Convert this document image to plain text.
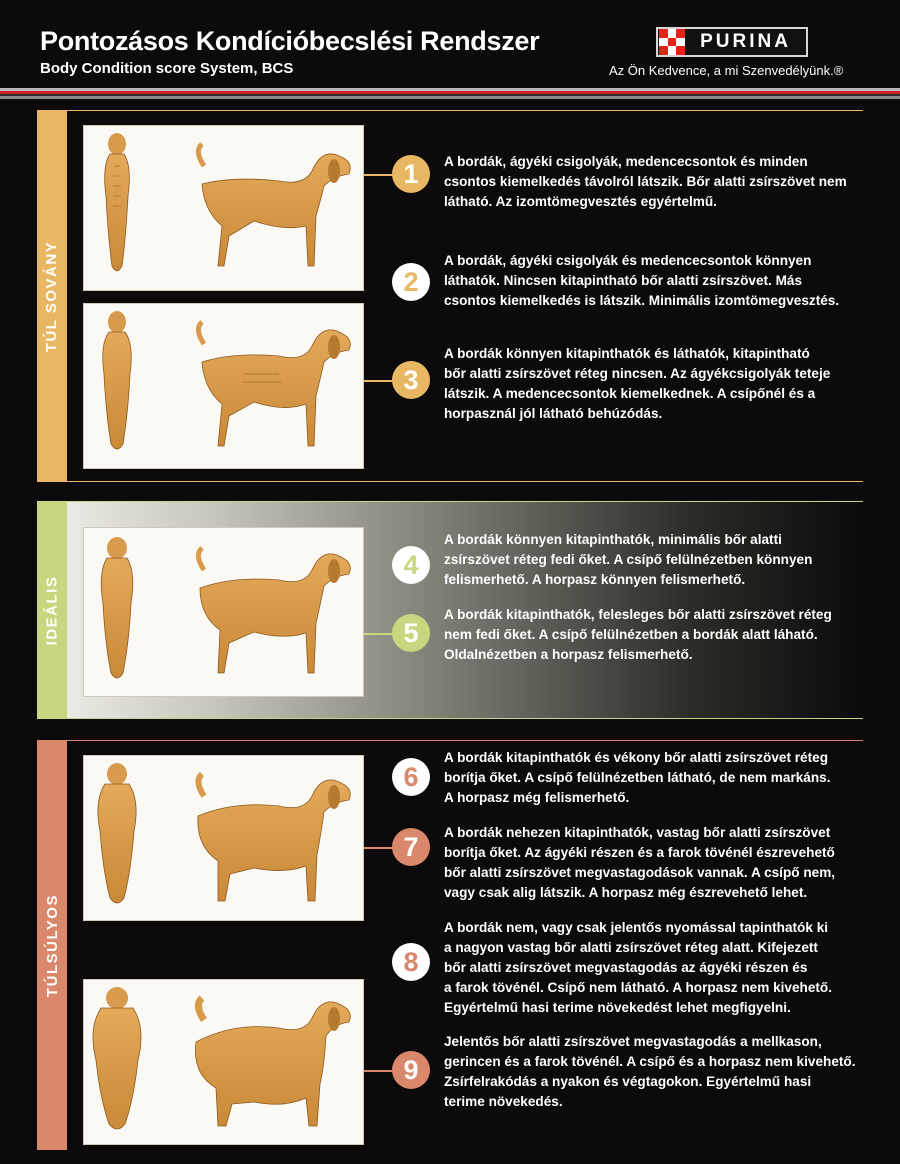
Pontozásos Kondícióbecslési Rendszer
Body Condition score System, BCS
PURINA
Az Ön Kedvence, a mi Szenvedélyünk.®
TÚL SOVÁNY
IDEÁLIS
TÚLSÚLYOS
1	A bordák, ágyéki csigolyák, medencecsontok és minden
csontos kiemelkedés távolról látszik. Bőr alatti zsírszövet nem
látható. Az izomtömegvesztés egyértelmű.
2
A bordák, ágyéki csigolyák és medencecsontok könnyen
láthatók. Nincsen kitapintható bőr alatti zsírszövet. Más
csontos kiemelkedés is látszik. Minimális izomtömegvesztés.
3
A bordák könnyen kitapinthatók és láthatók, kitapintható
bőr alatti zsírszövet réteg nincsen. Az ágyékcsigolyák teteje
látszik. A medencecsontok kiemelkednek. A csípőnél és a
horpasznál jól látható behúzódás.
4
A bordák könnyen kitapinthatók, minimális bőr alatti
zsírszövet réteg fedi őket. A csípő felülnézetben könnyen
felismerhető. A horpasz könnyen felismerhető.
5
A bordák kitapinthatók, felesleges bőr alatti zsírszövet réteg
nem fedi őket. A csípő felülnézetben a bordák alatt láható.
Oldalnézetben a horpasz felismerhető.
6
A bordák kitapinthatók és vékony bőr alatti zsírszövet réteg
borítja őket. A csípő felülnézetben látható, de nem markáns.
A horpasz még felismerhető.
7	A bordák nehezen kitapinthatók, vastag bőr alatti zsírszövet
borítja őket. Az ágyéki részen és a farok tövénél észrevehető
bőr alatti zsírszövet megvastagodások vannak. A csípő nem,
vagy csak alig látszik. A horpasz még észrevehető lehet.
8
A bordák nem, vagy csak jelentős nyomással tapinthatók ki
a nagyon vastag bőr alatti zsírszövet réteg alatt. Kifejezett
bőr alatti zsírszövet megvastagodás az ágyéki részen és
a farok tövénél. Csípő nem látható. A horpasz nem kivehető.
Egyértelmű hasi terime növekedést lehet megfigyelni.
9
Jelentős bőr alatti zsírszövet megvastagodás a mellkason,
gerincen és a farok tövénél. A csípő és a horpasz nem kivehető.
Zsírfelrakódás a nyakon és végtagokon. Egyértelmű hasi
terime növekedés.
